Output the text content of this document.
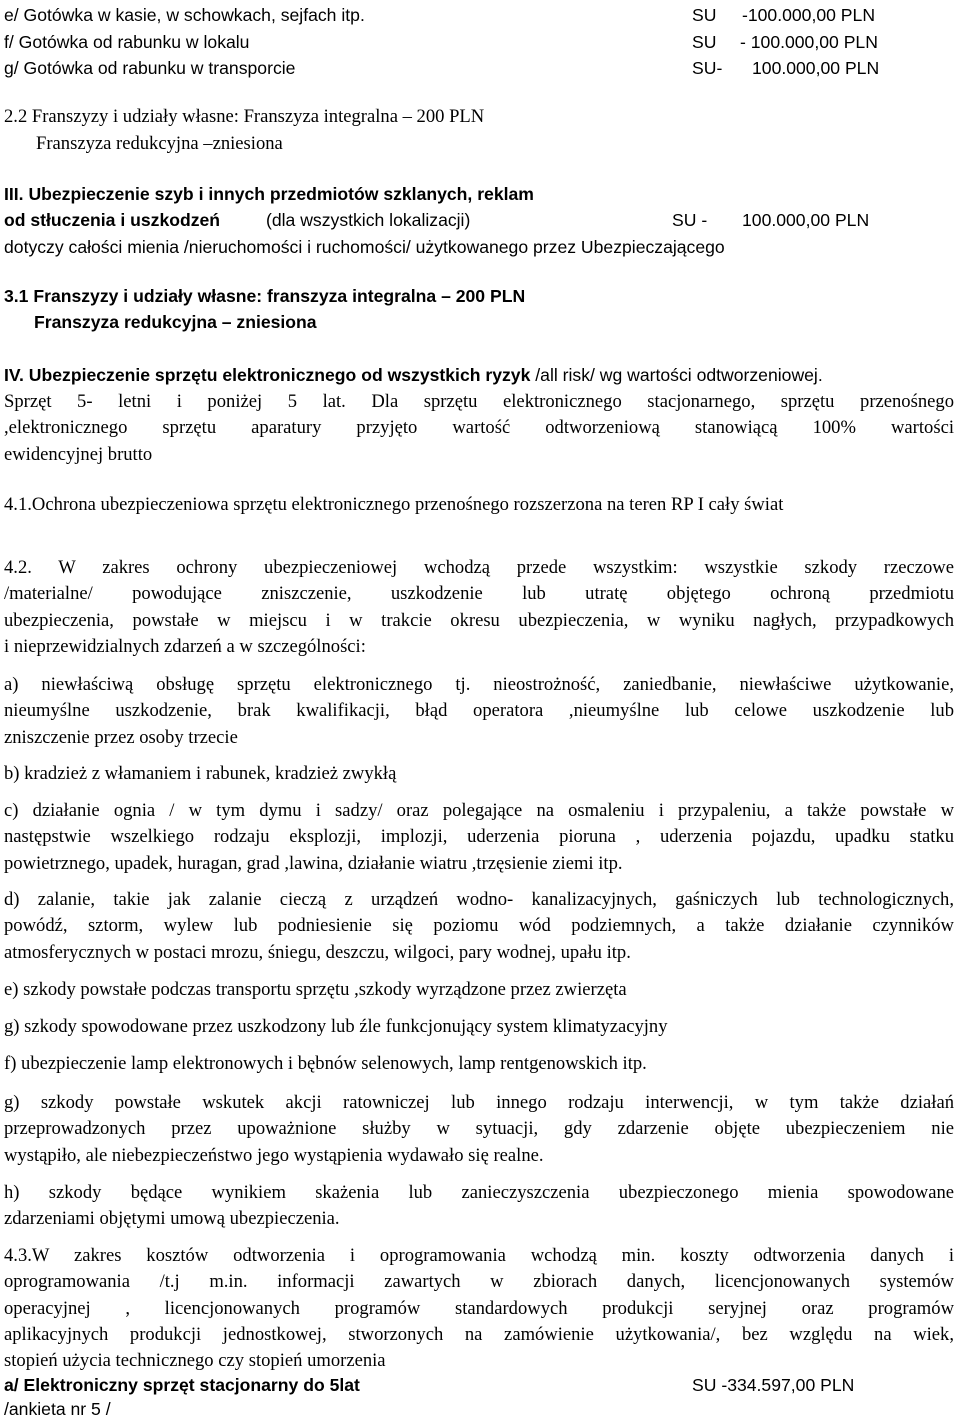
e/ Gotówka w kasie, w schowkach, sejfach itp.	SU -100.000,00 PLN
f/ Gotówka od rabunku w lokalu	SU - 100.000,00 PLN
g/ Gotówka od rabunku w transporcie	SU- 100.000,00 PLN
2.2 Franszyzy i udziały własne: Franszyza integralna – 200 PLN
Franszyza redukcyjna –zniesiona
III. Ubezpieczenie szyb i innych przedmiotów szklanych, reklam
od stłuczenia i uszkodzeń	(dla wszystkich lokalizacji)	SU - 100.000,00 PLN
dotyczy całości mienia /nieruchomości i ruchomości/ użytkowanego przez Ubezpieczającego
3.1 Franszyzy i udziały własne: franszyza integralna – 200 PLN
Franszyza redukcyjna – zniesiona
IV. Ubezpieczenie sprzętu elektronicznego od wszystkich ryzyk /all risk/ wg wartości odtworzeniowej.
Sprzęt 5- letni i poniżej 5 lat. Dla sprzętu elektronicznego stacjonarnego, sprzętu przenośnego
,elektronicznego sprzętu aparatury przyjęto wartość odtworzeniową stanowiącą 100% wartości
ewidencyjnej brutto
4.1.Ochrona ubezpieczeniowa sprzętu elektronicznego przenośnego rozszerzona na teren RP I cały świat
4.2. W zakres ochrony ubezpieczeniowej wchodzą przede wszystkim: wszystkie szkody rzeczowe
/materialne/ powodujące zniszczenie, uszkodzenie lub utratę objętego ochroną przedmiotu
ubezpieczenia, powstałe w miejscu i w trakcie okresu ubezpieczenia, w wyniku nagłych, przypadkowych
i nieprzewidzialnych zdarzeń a w szczególności:
a) niewłaściwą obsługę sprzętu elektronicznego tj. nieostrożność, zaniedbanie, niewłaściwe użytkowanie,
nieumyślne uszkodzenie, brak kwalifikacji, błąd operatora ,nieumyślne lub celowe uszkodzenie lub
zniszczenie przez osoby trzecie
b) kradzież z włamaniem i rabunek, kradzież zwykłą
c) działanie ognia / w tym dymu i sadzy/ oraz polegające na osmaleniu i przypaleniu, a także powstałe w
następstwie wszelkiego rodzaju eksplozji, implozji, uderzenia pioruna , uderzenia pojazdu, upadku statku
powietrznego, upadek, huragan, grad ,lawina, działanie wiatru ,trzęsienie ziemi itp.
d) zalanie, takie jak zalanie cieczą z urządzeń wodno- kanalizacyjnych, gaśniczych lub technologicznych,
powódź, sztorm, wylew lub podniesienie się poziomu wód podziemnych, a także działanie czynników
atmosferycznych w postaci mrozu, śniegu, deszczu, wilgoci, pary wodnej, upału itp.
e) szkody powstałe podczas transportu sprzętu ,szkody wyrządzone przez zwierzęta
g) szkody spowodowane przez uszkodzony lub źle funkcjonujący system klimatyzacyjny
f) ubezpieczenie lamp elektronowych i bębnów selenowych, lamp rentgenowskich itp.
g) szkody powstałe wskutek akcji ratowniczej lub innego rodzaju interwencji, w tym także działań
przeprowadzonych przez upoważnione służby w sytuacji, gdy zdarzenie objęte ubezpieczeniem nie
wystąpiło, ale niebezpieczeństwo jego wystąpienia wydawało się realne.
h) szkody będące wynikiem skażenia lub zanieczyszczenia ubezpieczonego mienia spowodowane
zdarzeniami objętymi umową ubezpieczenia.
4.3.W zakres kosztów odtworzenia i oprogramowania wchodzą min. koszty odtworzenia danych i
oprogramowania /t.j m.in. informacji zawartych w zbiorach danych, licencjonowanych systemów
operacyjnej , licencjonowanych programów standardowych produkcji seryjnej oraz programów
aplikacyjnych produkcji jednostkowej, stworzonych na zamówienie użytkowania/, bez względu na wiek,
stopień użycia technicznego czy stopień umorzenia
a/ Elektroniczny sprzęt stacjonarny do 5lat	SU -334.597,00 PLN
/ankieta nr 5 /
